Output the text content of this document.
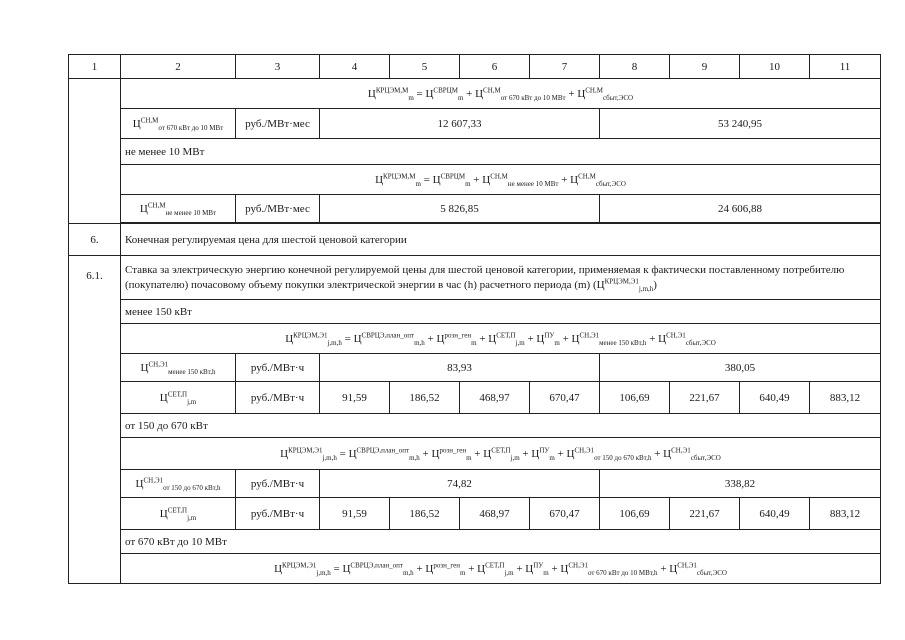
1	2	3	4	5	6	7	8	9	10	11
	$Ц^{КРЦЭМ,М}_m = Ц^{СВРЦМ}_m + Ц^{СН,М}_{от 670 кВт до 10 МВт} + Ц^{СН,М}_{сбыт,ЭСО}$
	$Ц^{СН,М}_{от 670 кВт до 10 МВт}$	руб./МВт·мес	12 607,33				53 240,95			
	не менее 10 МВт									
	$Ц^{КРЦЭМ,М}_m = Ц^{СВРЦМ}_m + Ц^{СН,М}_{не менее 10 МВт} + Ц^{СН,М}_{сбыт,ЭСО}$
	$Ц^{СН,М}_{не менее 10 МВт}$	руб./МВт·мес	5 826,85				24 606,88			

6.	Конечная регулируемая цена для шестой ценовой категории									
6.1.	Ставка за электрическую энергию конечной регулируемой цены для шестой ценовой категории, применяемая к фактически поставленному потребителю (покупателю) почасовому объему покупки электрической энергии в час (h) расчетного периода (m) $(Ц^{КРЦЭМ,Э1}_{j,m,h})$									
	менее 150 кВт									
	$Ц^{КРЦЭМ,Э1}_{j,m,h} = Ц^{СВРЦЭ,план\_опт}_{m,h} + Ц^{розн\_ген}_m + Ц^{СЕТ,П}_{j,m} + Ц^{ПУ}_m + Ц^{СН,Э1}_{менее 150 кВт,h} + Ц^{СН,Э1}_{сбыт,ЭСО}$
	$Ц^{СН,Э1}_{менее 150 кВт,h}$	руб./МВт·ч	83,93				380,05			
	$Ц^{СЕТ,П}_{j,m}$	руб./МВт·ч	91,59	186,52	468,97	670,47	106,69	221,67	640,49	883,12
	от 150 до 670 кВт									
	$Ц^{КРЦЭМ,Э1}_{j,m,h} = Ц^{СВРЦЭ,план\_опт}_{m,h} + Ц^{розн\_ген}_m + Ц^{СЕТ,П}_{j,m} + Ц^{ПУ}_m + Ц^{СН,Э1}_{от 150 до 670 кВт,h} + Ц^{СН,Э1}_{сбыт,ЭСО}$
	$Ц^{СН,Э1}_{от 150 до 670 кВт,h}$	руб./МВт·ч	74,82				338,82			
	$Ц^{СЕТ,П}_{j,m}$	руб./МВт·ч	91,59	186,52	468,97	670,47	106,69	221,67	640,49	883,12
	от 670 кВт до 10 МВт									
	$Ц^{КРЦЭМ,Э1}_{j,m,h} = Ц^{СВРЦЭ,план\_опт}_{m,h} + Ц^{розн\_ген}_m + Ц^{СЕТ,П}_{j,m} + Ц^{ПУ}_m + Ц^{СН,Э1}_{от 670 кВт до 10 МВт,h} + Ц^{СН,Э1}_{сбыт,ЭСО}$
